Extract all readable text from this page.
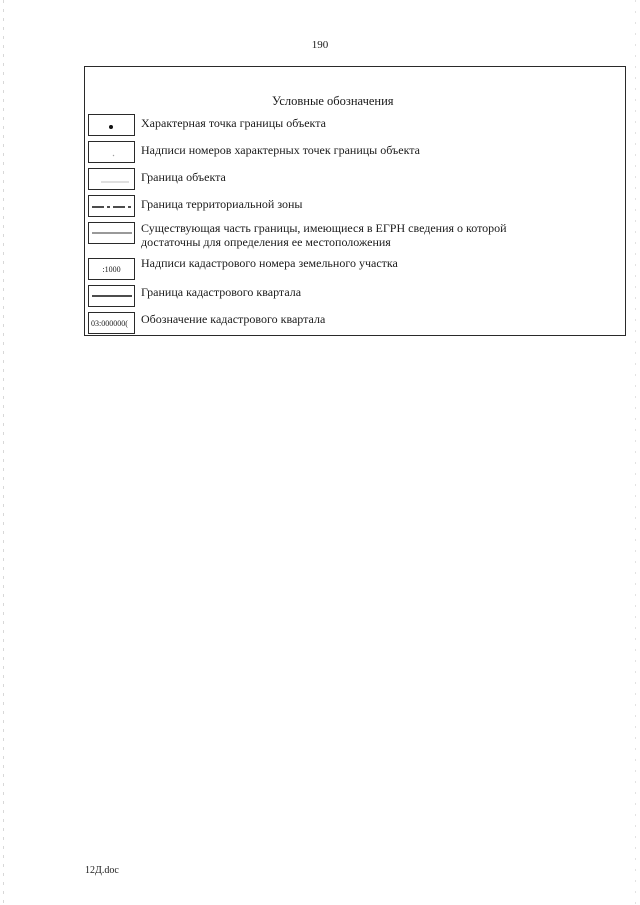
190
Условные обозначения
Характерная точка границы объекта
Надписи номеров характерных точек границы объекта
Граница объекта
Граница территориальной зоны
Существующая часть границы, имеющиеся в ЕГРН сведения о которой
достаточны для определения ее местоположения
:1000 Надписи кадастрового номера земельного участка
Граница кадастрового квартала
03:000000( Обозначение кадастрового квартала
12Д.doc
